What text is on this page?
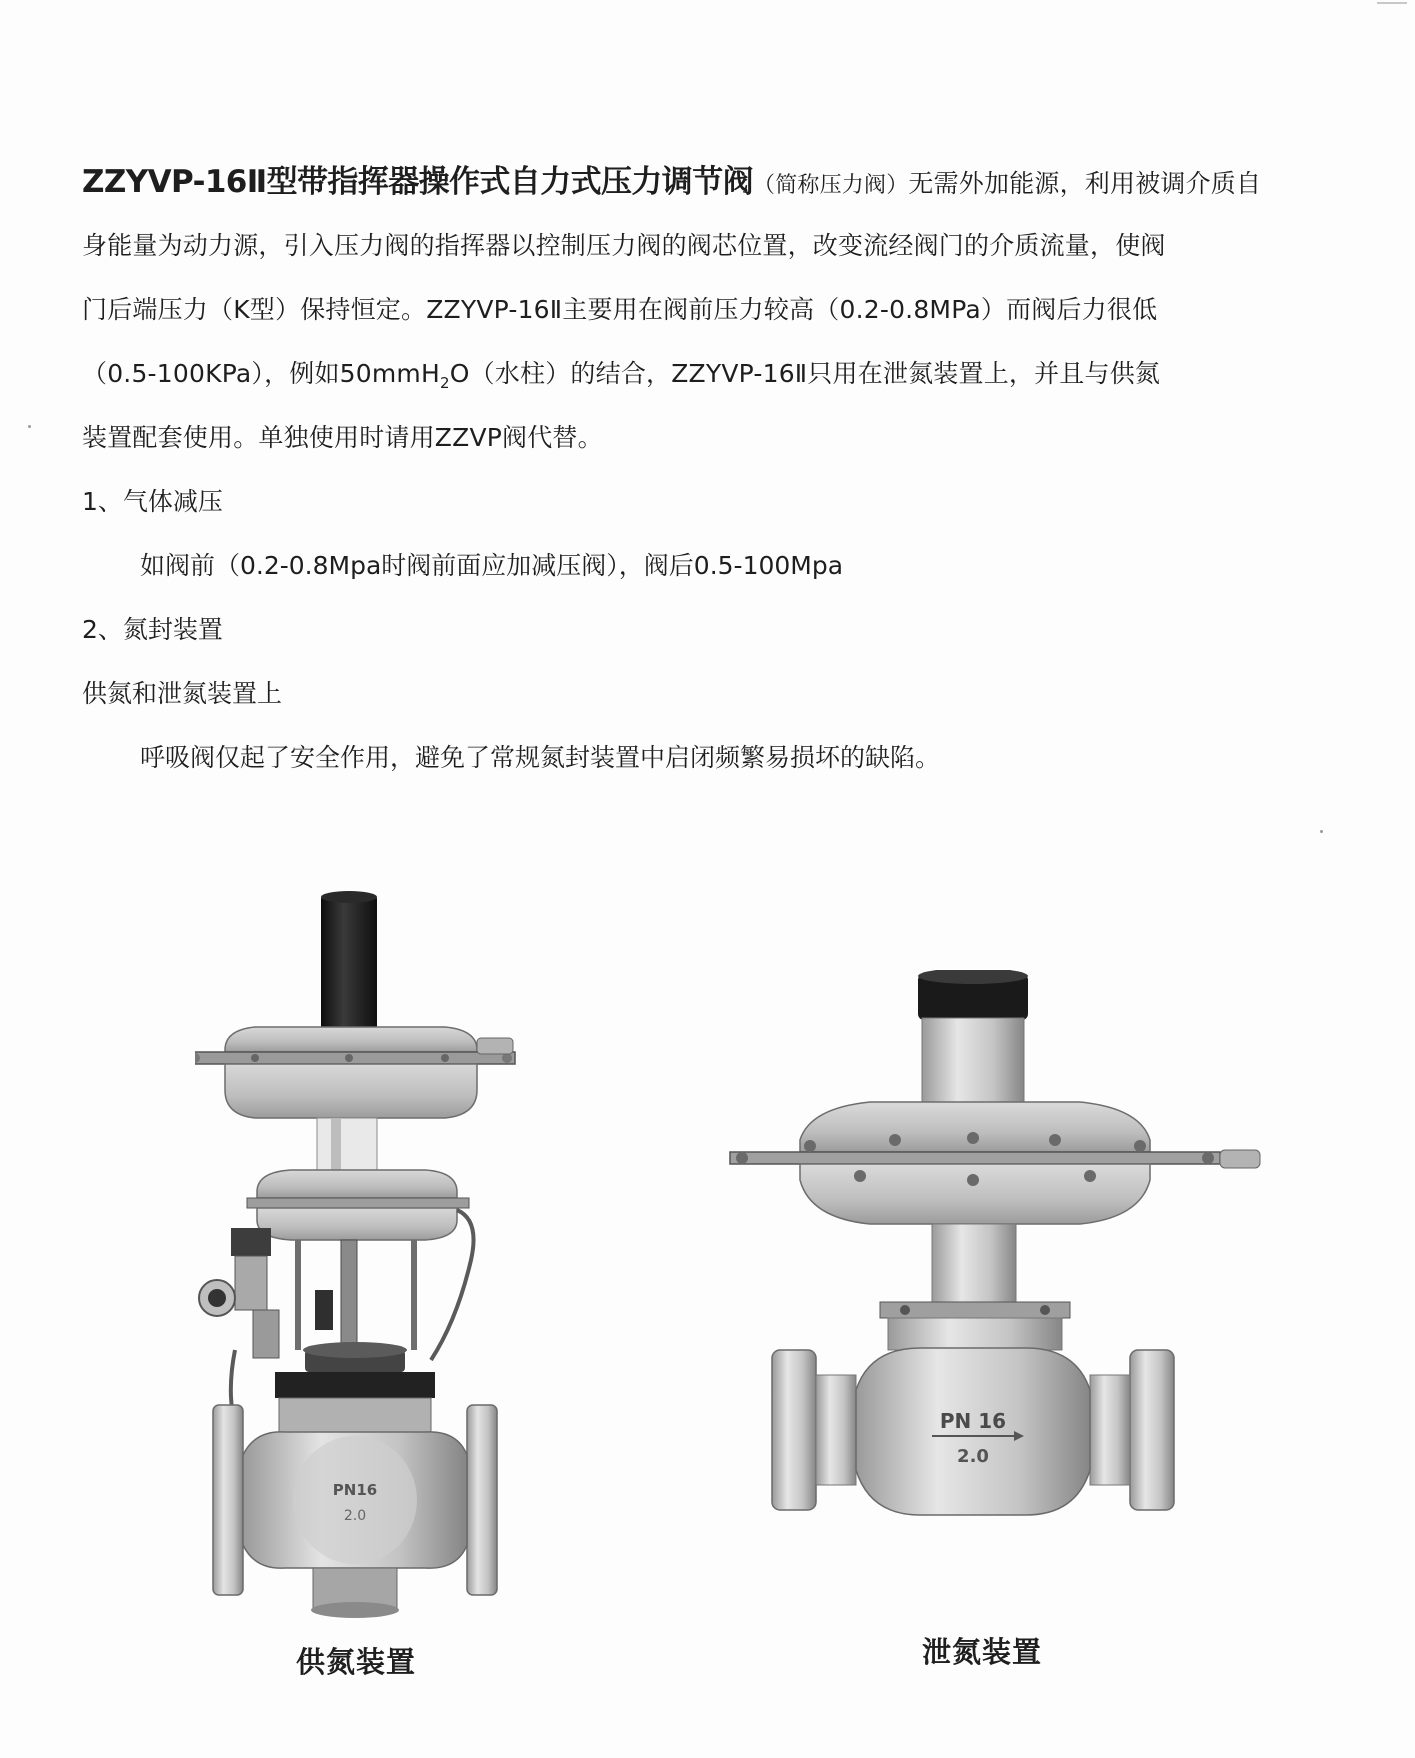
ZZYVP-16Ⅱ型带指挥器操作式自力式压力调节阀（简称压力阀）无需外加能源，利用被调介质自
身能量为动力源，引入压力阀的指挥器以控制压力阀的阀芯位置，改变流经阀门的介质流量，使阀
门后端压力（K型）保持恒定。ZZYVP-16Ⅱ主要用在阀前压力较高（0.2-0.8MPa）而阀后力很低
（0.5-100KPa），例如50mmH$_2$O（水柱）的结合，ZZYVP-16Ⅱ只用在泄氮装置上，并且与供氮
装置配套使用。单独使用时请用ZZVP阀代替。
1、气体减压
如阀前（0.2-0.8Mpa时阀前面应加减压阀），阀后0.5-100Mpa
2、氮封装置
供氮和泄氮装置上
呼吸阀仅起了安全作用，避免了常规氮封装置中启闭频繁易损坏的缺陷。
PN16
2.0
PN 16
2.0
供氮装置	泄氮装置
